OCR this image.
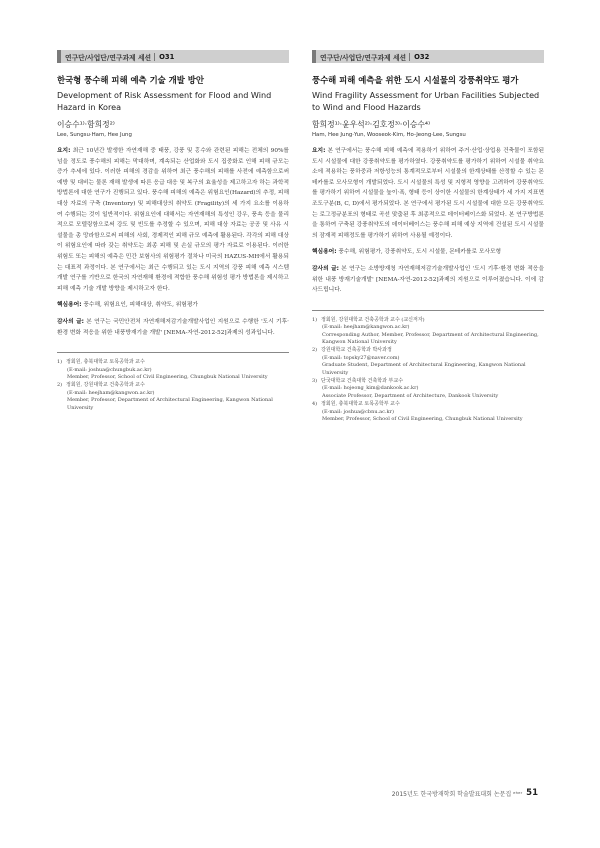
연구단/사업단/연구과제 세션 O31
한국형 풍수해 피해 예측 기술 개발 방안
Development of Risk Assessment for Flood and Wind Hazard in Korea
이승수¹⁾·함희정²⁾
Lee, Sungsu·Ham, Hee Jung

요지: 최근 10년간 발생한 자연재해 중 태풍, 강풍 및 홍수와 관련된 피해는 전체의 90%를 넘을 정도로 풍수해의 피해는 막대하며, 계속되는 산업화와 도시 집중화로 인해 피해 규모는 증가 추세에 있다. 이러한 피해의 경감을 위하여 최근 풍수해의 피해를 사전에 예측함으로써 예방 및 대비는 물론 재해 발생에 따른 응급 대응 및 복구의 효율성을 제고하고자 하는 과학적 방법론에 대한 연구가 진행되고 있다. 풍수해 피해의 예측은 위험요인(Hazard)의 추정, 피해 대상 자료의 구축 (Inventory) 및 피해대상의 취약도 (Fragility)의 세 가지 요소를 이용하여 수행되는 것이 일반적이다. 위험요인에 대해서는 자연재해의 특성인 강우, 풍속 등을 물리적으로 모델링함으로써 강도 및 빈도를 추정할 수 있으며, 피해 대상 자료는 공공 및 사유 시설물을 총 망라함으로써 피해의 사회, 경제적인 피해 규모 예측에 활용된다. 각각의 피해 대상이 위험요인에 따라 갖는 취약도는 최종 피해 및 손실 규모의 평가 자료로 이용된다. 이러한 위험도 또는 피해의 예측은 민간 보험사의 위험평가 절차나 미국의 HAZUS-MH에서 활용되는 대표적 과정이다. 본 연구에서는 최근 수행되고 있는 도시 지역의 강풍 피해 예측 시스템 개발 연구를 기반으로 한국의 자연재해 환경에 적합한 풍수해 위험성 평가 방법론을 제시하고 피해 예측 기술 개발 방향을 제시하고자 한다.

핵심용어: 풍수해, 위험요인, 피해대상, 취약도, 위험평가

감사의 글: 본 연구는 국민안전처 자연재해저감기술개발사업인 지원으로 수행한 '도시 기후·환경 변화 적응을 위한 내풍방재기술 개발' [NEMA-자연-2012-52]과제의 성과입니다.

1) 정회원, 충북대학교 토목공학과 교수
(E-mail: joshua@chungbuk.ac.kr)
Member, Professor, School of Civil Engineering, Chungbuk National University
2) 정회원, 강원대학교 건축공학과 교수
(E-mail: heejham@kangwon.ac.kr)
Member, Professor, Department of Architectural Engineering, Kangwon National University
연구단/사업단/연구과제 세션 O32
풍수해 피해 예측을 위한 도시 시설물의 강풍취약도 평가
Wind Fragility Assessment for Urban Facilities Subjected to Wind and Flood Hazards
함희정¹⁾·윤우석²⁾·김호정³⁾·이승수⁴⁾
Ham, Hee Jung·Yun, Wooseok·Kim, Ho-Jeong·Lee, Sungsu

요지: 본 연구에서는 풍수해 피해 예측에 적용하기 위하여 주거·산업·상업용 건축물이 포함된 도시 시설물에 대한 강풍취약도를 평가하였다. 강풍취약도를 평가하기 위하여 시설물 취약요소에 적용하는 풍하중과 저항성능의 통계적모로부터 시설물의 한계상태를 산정할 수 있는 몬테카를로 모사모형이 개발되었다. 도시 시설물의 특성 및 지형적 영향을 고려하여 강풍취약도를 평가하기 위하여 시설물을 높이·폭, 형태 등이 상이한 시설물의 한계상태가 세 가지 지표면조도구분(B, C, D)에서 평가되었다. 본 연구에서 평가된 도시 시설물에 대한 모든 강풍취약도는 로그정규분포의 형태로 곡선 맞춤된 후 최종적으로 데이터베이스화 되었다. 본 연구방법론을 통하여 구축된 강풍취약도의 데이터베이스는 풍수해 피해 예상 지역에 건설된 도시 시설물의 잠재적 피해정도를 평가하기 위하여 사용될 예정이다.

핵심용어: 풍수해, 위험평가, 강풍취약도, 도시 시설물, 몬테카를로 모사모형

감사의 글: 본 연구는 소방방재청 자연재해저감기술개발사업인 '도시 기후·환경 변화 적응을 위한 내풍 방재기술개발' [NEMA-자연-2012-52]과제의 지원으로 이루어졌습니다. 이에 감사드립니다.

1) 정회원, 강원대학교 건축공학과 교수 (교신저자)
(E-mail: heejham@kangwon.ac.kr)
Corresponding Author, Member, Professor, Department of Architectural Engineering, Kangwon National University
2) 강원대학교 건축공학과 박사과정
(E-mail: topsky27@naver.com)
Graduate Student, Department of Architectural Engineering, Kangwon National University
3) 단국대학교 건축대학 건축학과 부교수
(E-mail: hojeong_kim@dankook.ac.kr)
Associate Professor, Department of Architecture, Dankook University
4) 정회원, 충북대학교 토목공학부 교수
(E-mail: joshua@cbnu.ac.kr)
Member, Professor, School of Civil Engineering, Chungbuk National University
2015년도 한국방재학회 학술발표대회 논문집 ᵉʰᵉʳ 51
